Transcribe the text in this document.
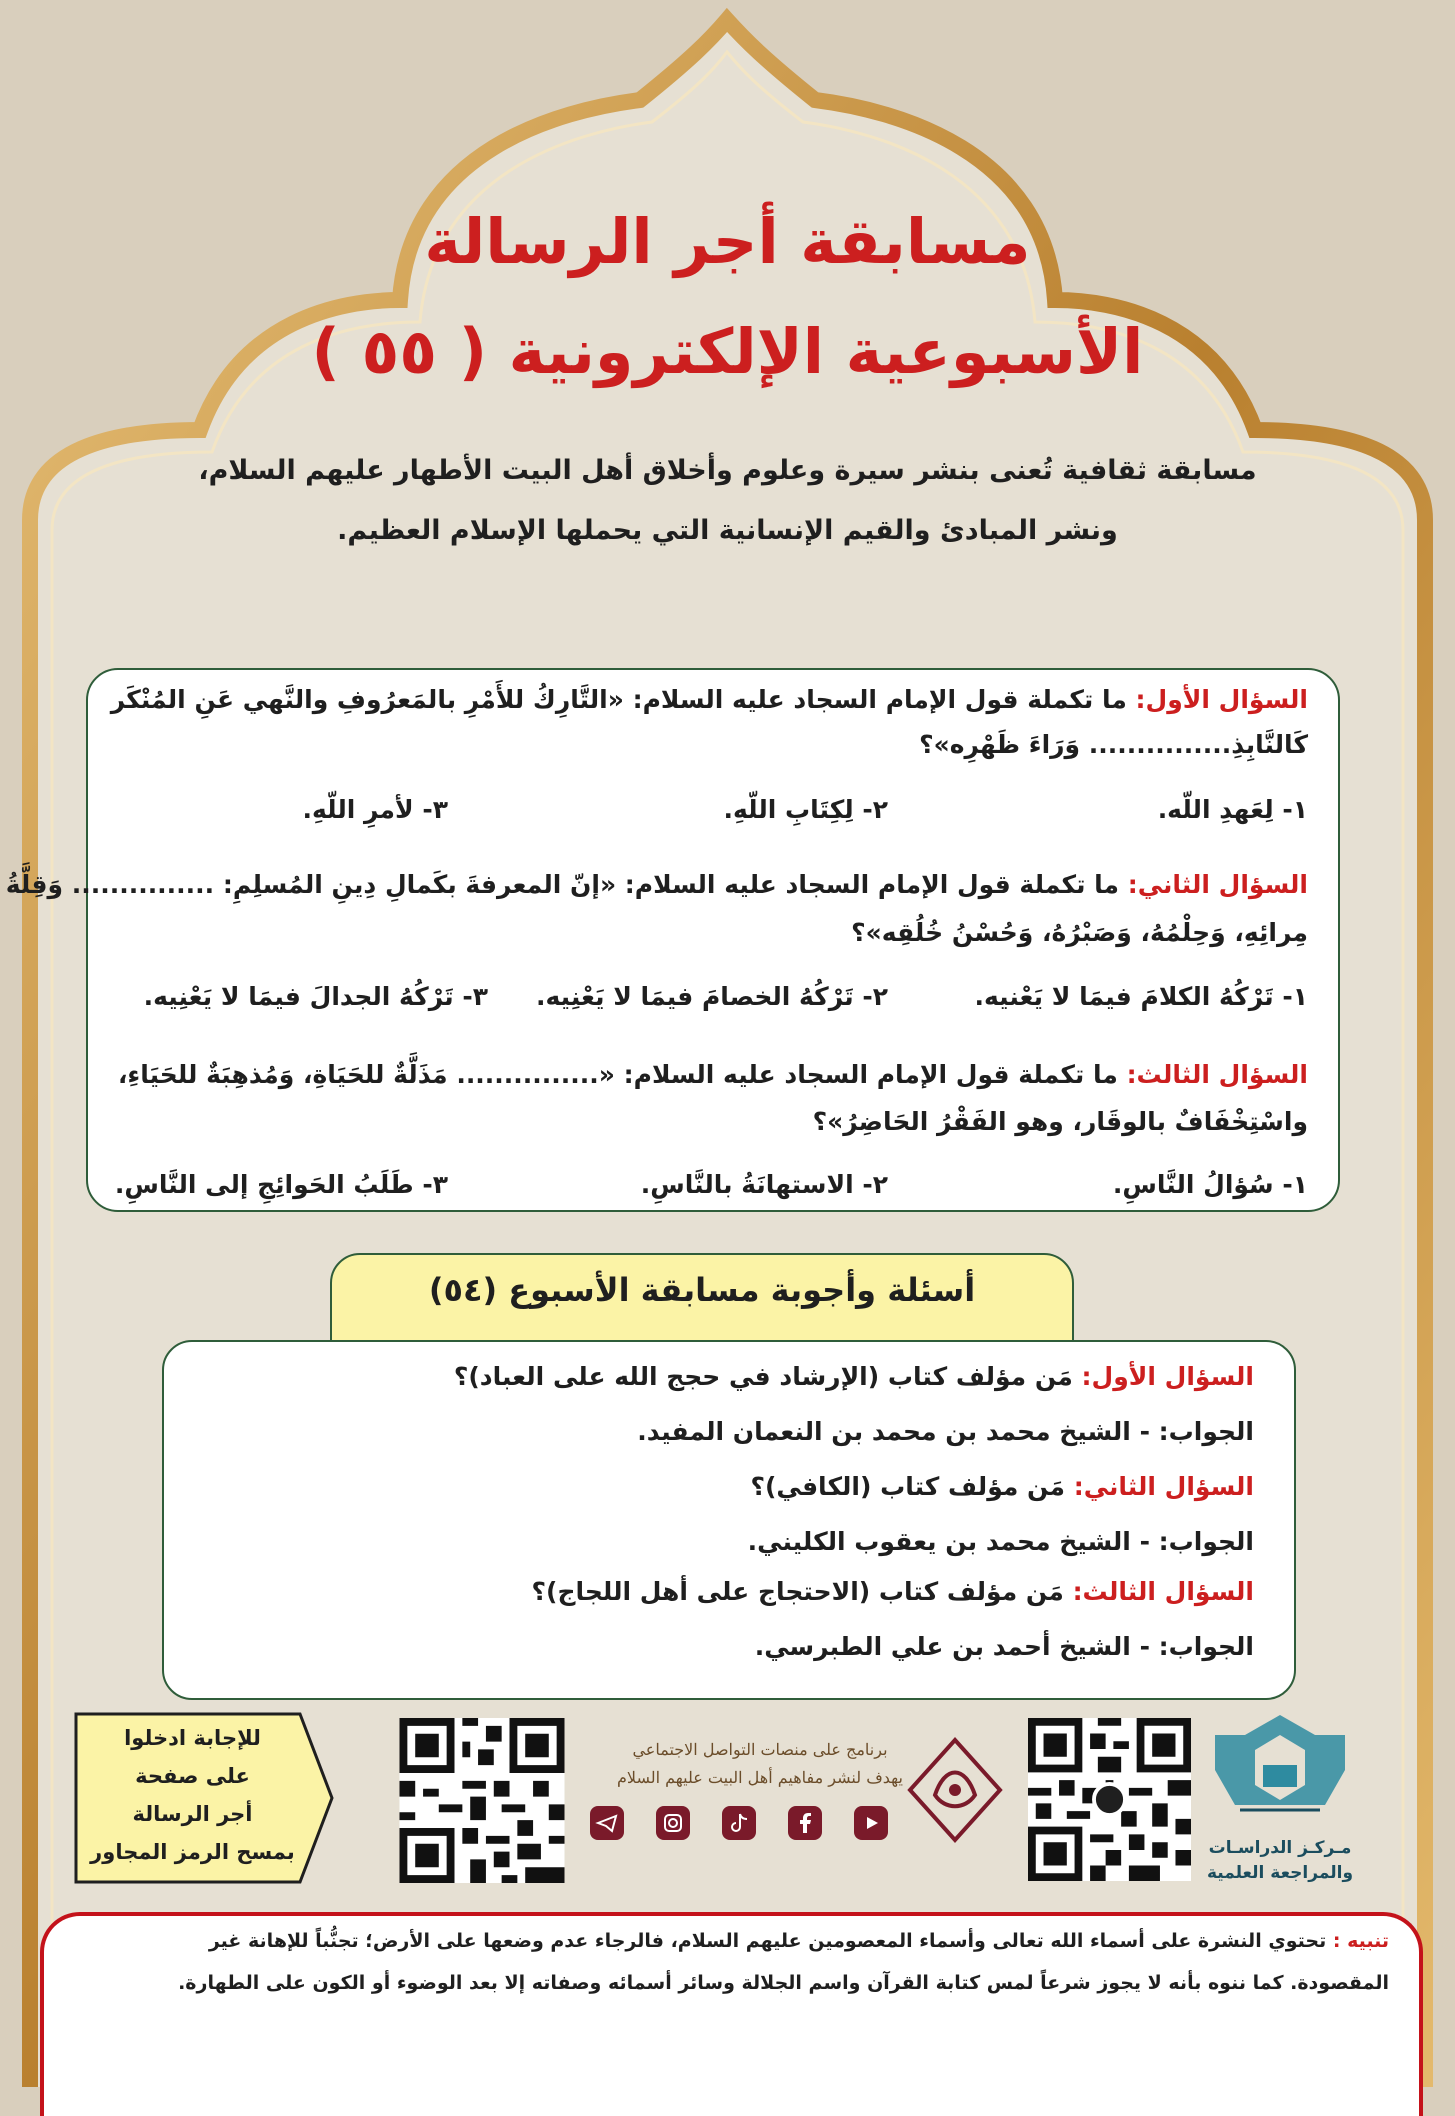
مسابقة أجر الرسالة
الأسبوعية الإلكترونية ( ٥٥ )
مسابقة ثقافية تُعنى بنشر سيرة وعلوم وأخلاق أهل البيت الأطهار عليهم السلام،
ونشر المبادئ والقيم الإنسانية التي يحملها الإسلام العظيم.
السؤال الأول: ما تكملة قول الإمام السجاد عليه السلام: «التَّارِكُ للأَمْرِ بالمَعرُوفِ والنَّهي عَنِ المُنْكَر
كَالنَّابِذِ............... وَرَاءَ ظَهْرِه»؟
١- لِعَهدِ اللّه.
٢- لِكِتَابِ اللّهِ.
٣- لأمرِ اللّهِ.
السؤال الثاني: ما تكملة قول الإمام السجاد عليه السلام: «إنّ المعرفةَ بكَمالِ دِينِ المُسلِمِ: ............... وَقِلَّةُ
مِرائِهِ، وَحِلْمُهُ، وَصَبْرُهُ، وَحُسْنُ خُلُقِه»؟
١- تَرْكُهُ الكلامَ فيمَا لا يَعْنيه.
٢- تَرْكُهُ الخصامَ فيمَا لا يَعْنِيه.
٣- تَرْكُهُ الجدالَ فيمَا لا يَعْنِيه.
السؤال الثالث: ما تكملة قول الإمام السجاد عليه السلام: «............... مَذَلَّةٌ للحَيَاةِ، وَمُذهِبَةٌ للحَيَاءِ،
واسْتِخْفَافٌ بالوقَار، وهو الفَقْرُ الحَاضِرُ»؟
١- سُؤالُ النَّاسِ.
٢- الاستهانَةُ بالنَّاسِ.
٣- طَلَبُ الحَوائِجِ إلى النَّاسِ.
أسئلة وأجوبة مسابقة الأسبوع (٥٤)
السؤال الأول: مَن مؤلف كتاب (الإرشاد في حجج الله على العباد)؟
الجواب: - الشيخ محمد بن محمد بن النعمان المفيد.
السؤال الثاني: مَن مؤلف كتاب (الكافي)؟
الجواب: - الشيخ محمد بن يعقوب الكليني.
السؤال الثالث: مَن مؤلف كتاب (الاحتجاج على أهل اللجاج)؟
الجواب: - الشيخ أحمد بن علي الطبرسي.
للإجابة ادخلوا
على صفحة
أجر الرسالة
بمسح الرمز المجاور
برنامج على منصات التواصل الاجتماعي
يهدف لنشر مفاهيم أهل البيت عليهم السلام
مـركـز الدراسـات
والمراجعة العلمية
تنبيه : تحتوي النشرة على أسماء الله تعالى وأسماء المعصومين عليهم السلام، فالرجاء عدم وضعها على الأرض؛ تجنُّباً للإهانة غير
المقصودة. كما ننوه بأنه لا يجوز شرعاً لمس كتابة القرآن واسم الجلالة وسائر أسمائه وصفاته إلا بعد الوضوء أو الكون على الطهارة.
